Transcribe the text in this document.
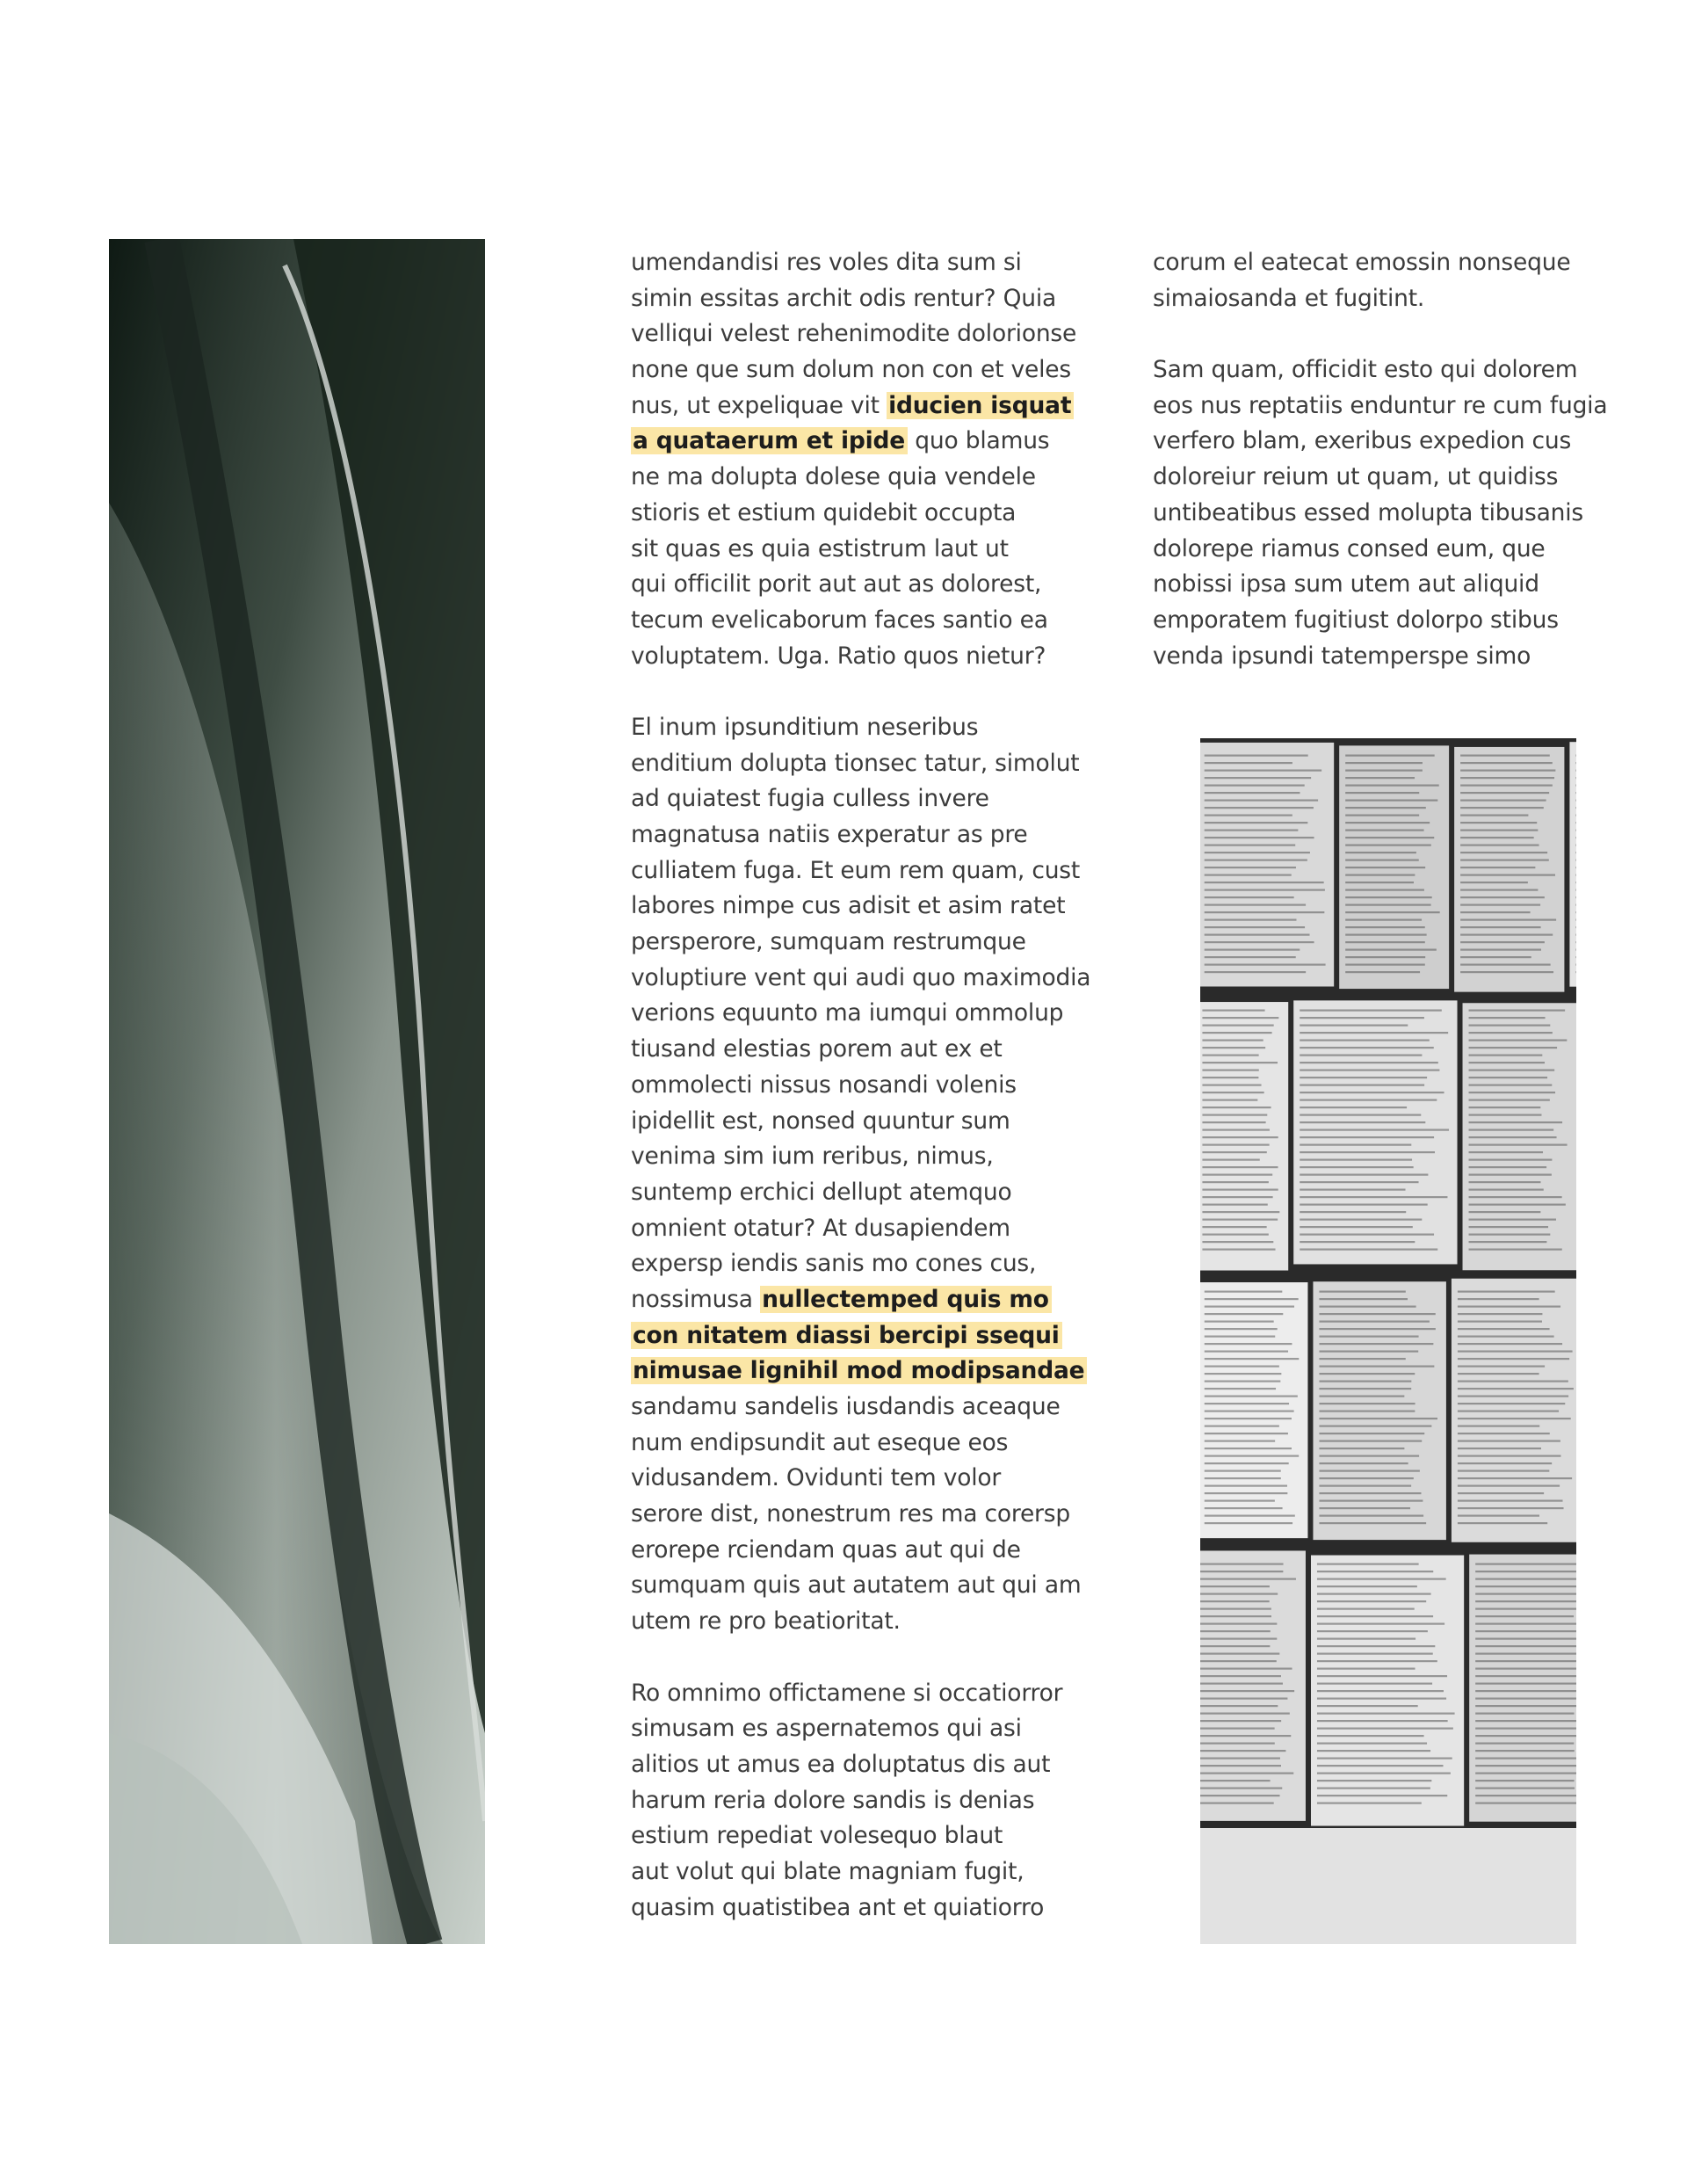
umendandisi res voles dita sum si
simin essitas archit odis rentur? Quia
velliqui velest rehenimodite dolorionse
none que sum dolum non con et veles
nus, ut expeliquae vit iducien isquat
a quataerum et ipide quo blamus
ne ma dolupta dolese quia vendele
stioris et estium quidebit occupta
sit quas es quia estistrum laut ut
qui officilit porit aut aut as dolorest,
tecum evelicaborum faces santio ea
voluptatem. Uga. Ratio quos nietur?
El inum ipsunditium neseribus
enditium dolupta tionsec tatur, simolut
ad quiatest fugia culless invere
magnatusa natiis experatur as pre
culliatem fuga. Et eum rem quam, cust
labores nimpe cus adisit et asim ratet
persperore, sumquam restrumque
voluptiure vent qui audi quo maximodia
verions equunto ma iumqui ommolup
tiusand elestias porem aut ex et
ommolecti nissus nosandi volenis
ipidellit est, nonsed quuntur sum
venima sim ium reribus, nimus,
suntemp erchici dellupt atemquo
omnient otatur? At dusapiendem
expersp iendis sanis mo cones cus,
nossimusa nullectemped quis mo
con nitatem diassi bercipi ssequi
nimusae lignihil mod modipsandae
sandamu sandelis iusdandis aceaque
num endipsundit aut eseque eos
vidusandem. Ovidunti tem volor
serore dist, nonestrum res ma corersp
erorepe rciendam quas aut qui de
sumquam quis aut autatem aut qui am
utem re pro beatioritat.
Ro omnimo offictamene si occatiorror
simusam es aspernatemos qui asi
alitios ut amus ea doluptatus dis aut
harum reria dolore sandis is denias
estium repediat volesequo blaut
aut volut qui blate magniam fugit,
quasim quatistibea ant et quiatiorro
corum el eatecat emossin nonseque
simaiosanda et fugitint.
Sam quam, officidit esto qui dolorem
eos nus reptatiis enduntur re cum fugia
verfero blam, exeribus expedion cus
doloreiur reium ut quam, ut quidiss
untibeatibus essed molupta tibusanis
dolorepe riamus consed eum, que
nobissi ipsa sum utem aut aliquid
emporatem fugitiust dolorpo stibus
venda ipsundi tatemperspe simo
